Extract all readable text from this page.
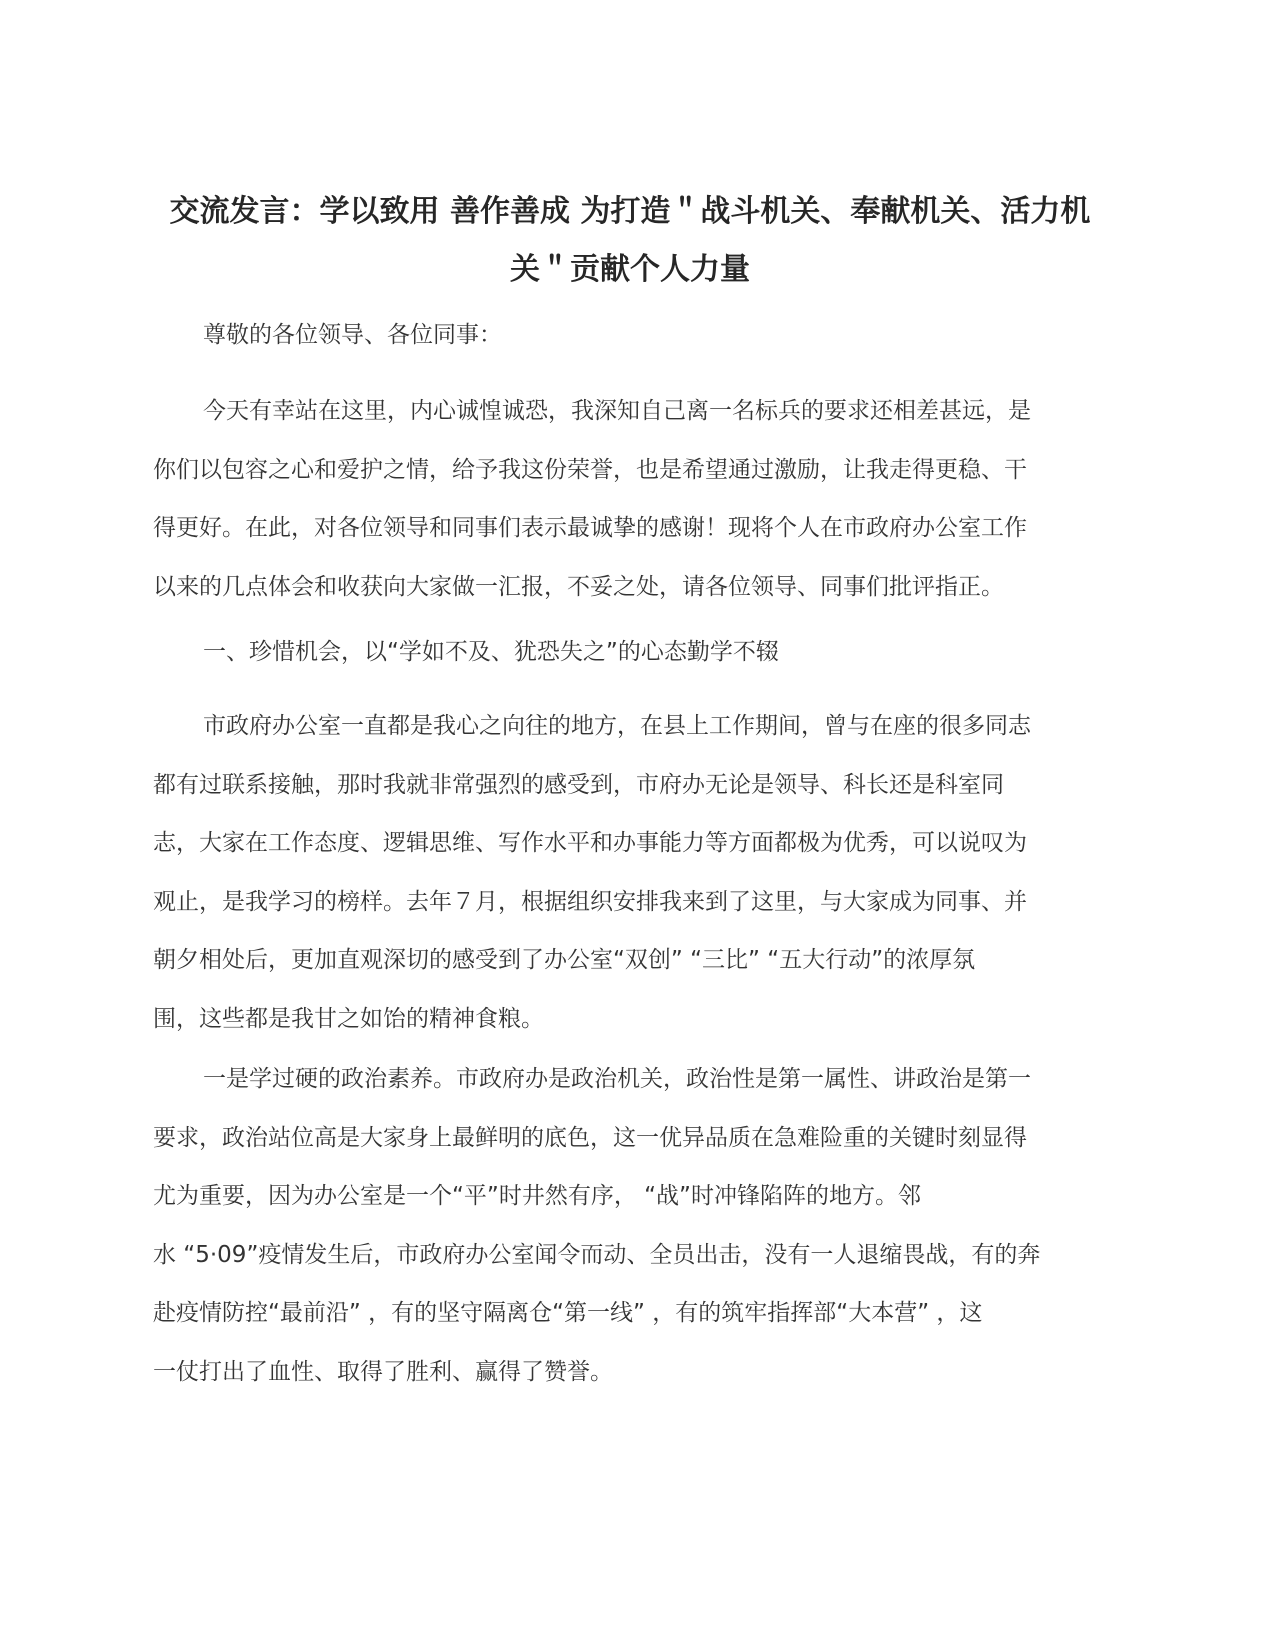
交流发言：学以致用 善作善成 为打造＂战斗机关、奉献机关、活力机
关＂贡献个人力量

尊敬的各位领导、各位同事：

今天有幸站在这里，内心诚惶诚恐，我深知自己离一名标兵的要求还相差甚远，是
你们以包容之心和爱护之情，给予我这份荣誉，也是希望通过激励，让我走得更稳、干
得更好。在此，对各位领导和同事们表示最诚挚的感谢！现将个人在市政府办公室工作
以来的几点体会和收获向大家做一汇报，不妥之处，请各位领导、同事们批评指正。

一、珍惜机会，以“学如不及、犹恐失之”的心态勤学不辍

市政府办公室一直都是我心之向往的地方，在县上工作期间，曾与在座的很多同志
都有过联系接触，那时我就非常强烈的感受到，市府办无论是领导、科长还是科室同
志，大家在工作态度、逻辑思维、写作水平和办事能力等方面都极为优秀，可以说叹为
观止，是我学习的榜样。去年７月，根据组织安排我来到了这里，与大家成为同事、并
朝夕相处后，更加直观深切的感受到了办公室“双创” “三比” “五大行动”的浓厚氛
围，这些都是我甘之如饴的精神食粮。

一是学过硬的政治素养。市政府办是政治机关，政治性是第一属性、讲政治是第一
要求，政治站位高是大家身上最鲜明的底色，这一优异品质在急难险重的关键时刻显得
尤为重要，因为办公室是一个“平”时井然有序， “战”时冲锋陷阵的地方。邻
水 “5·09”疫情发生后，市政府办公室闻令而动、全员出击，没有一人退缩畏战，有的奔
赴疫情防控“最前沿” ，有的坚守隔离仓“第一线” ，有的筑牢指挥部“大本营” ，这
一仗打出了血性、取得了胜利、赢得了赞誉。
